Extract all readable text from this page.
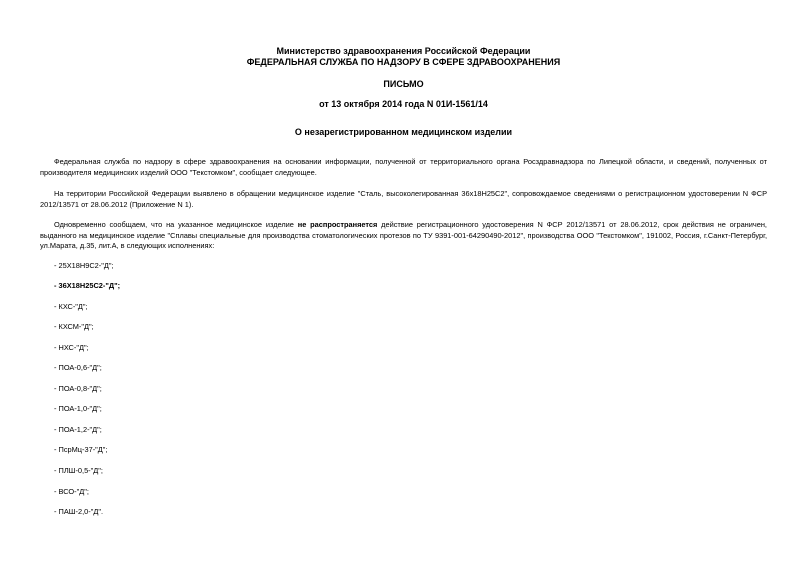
Министерство здравоохранения Российской Федерации
ФЕДЕРАЛЬНАЯ СЛУЖБА ПО НАДЗОРУ В СФЕРЕ ЗДРАВООХРАНЕНИЯ
ПИСЬМО
от 13 октября 2014 года N 01И-1561/14
О незарегистрированном медицинском изделии
Федеральная служба по надзору в сфере здравоохранения на основании информации, полученной от территориального органа Росздравнадзора по Липецкой области, и сведений, полученных от производителя медицинских изделий ООО "Текстомком", сообщает следующее.
На территории Российской Федерации выявлено в обращении медицинское изделие "Сталь, высоколегированная 36х18Н25С2", сопровождаемое сведениями о регистрационном удостоверении N ФСР 2012/13571 от 28.06.2012 (Приложение N 1).
Одновременно сообщаем, что на указанное медицинское изделие не распространяется действие регистрационного удостоверения N ФСР 2012/13571 от 28.06.2012, срок действия не ограничен, выданного на медицинское изделие "Сплавы специальные для производства стоматологических протезов по ТУ 9391-001-64290490-2012", производства ООО "Текстомком", 191002, Россия, г.Санкт-Петербург, ул.Марата, д.35, лит.А, в следующих исполнениях:
- 25Х18Н9С2-"Д";
- 36Х18Н25С2-"Д";
- КХС-"Д";
- КХСМ-"Д";
- НХС-"Д";
- ПОА-0,6-"Д";
- ПОА-0,8-"Д";
- ПОА-1,0-"Д";
- ПОА-1,2-"Д";
- ПсрМц-37-"Д";
- ПЛШ-0,5-"Д";
- ВСО-"Д";
- ПАШ-2,0-"Д".
